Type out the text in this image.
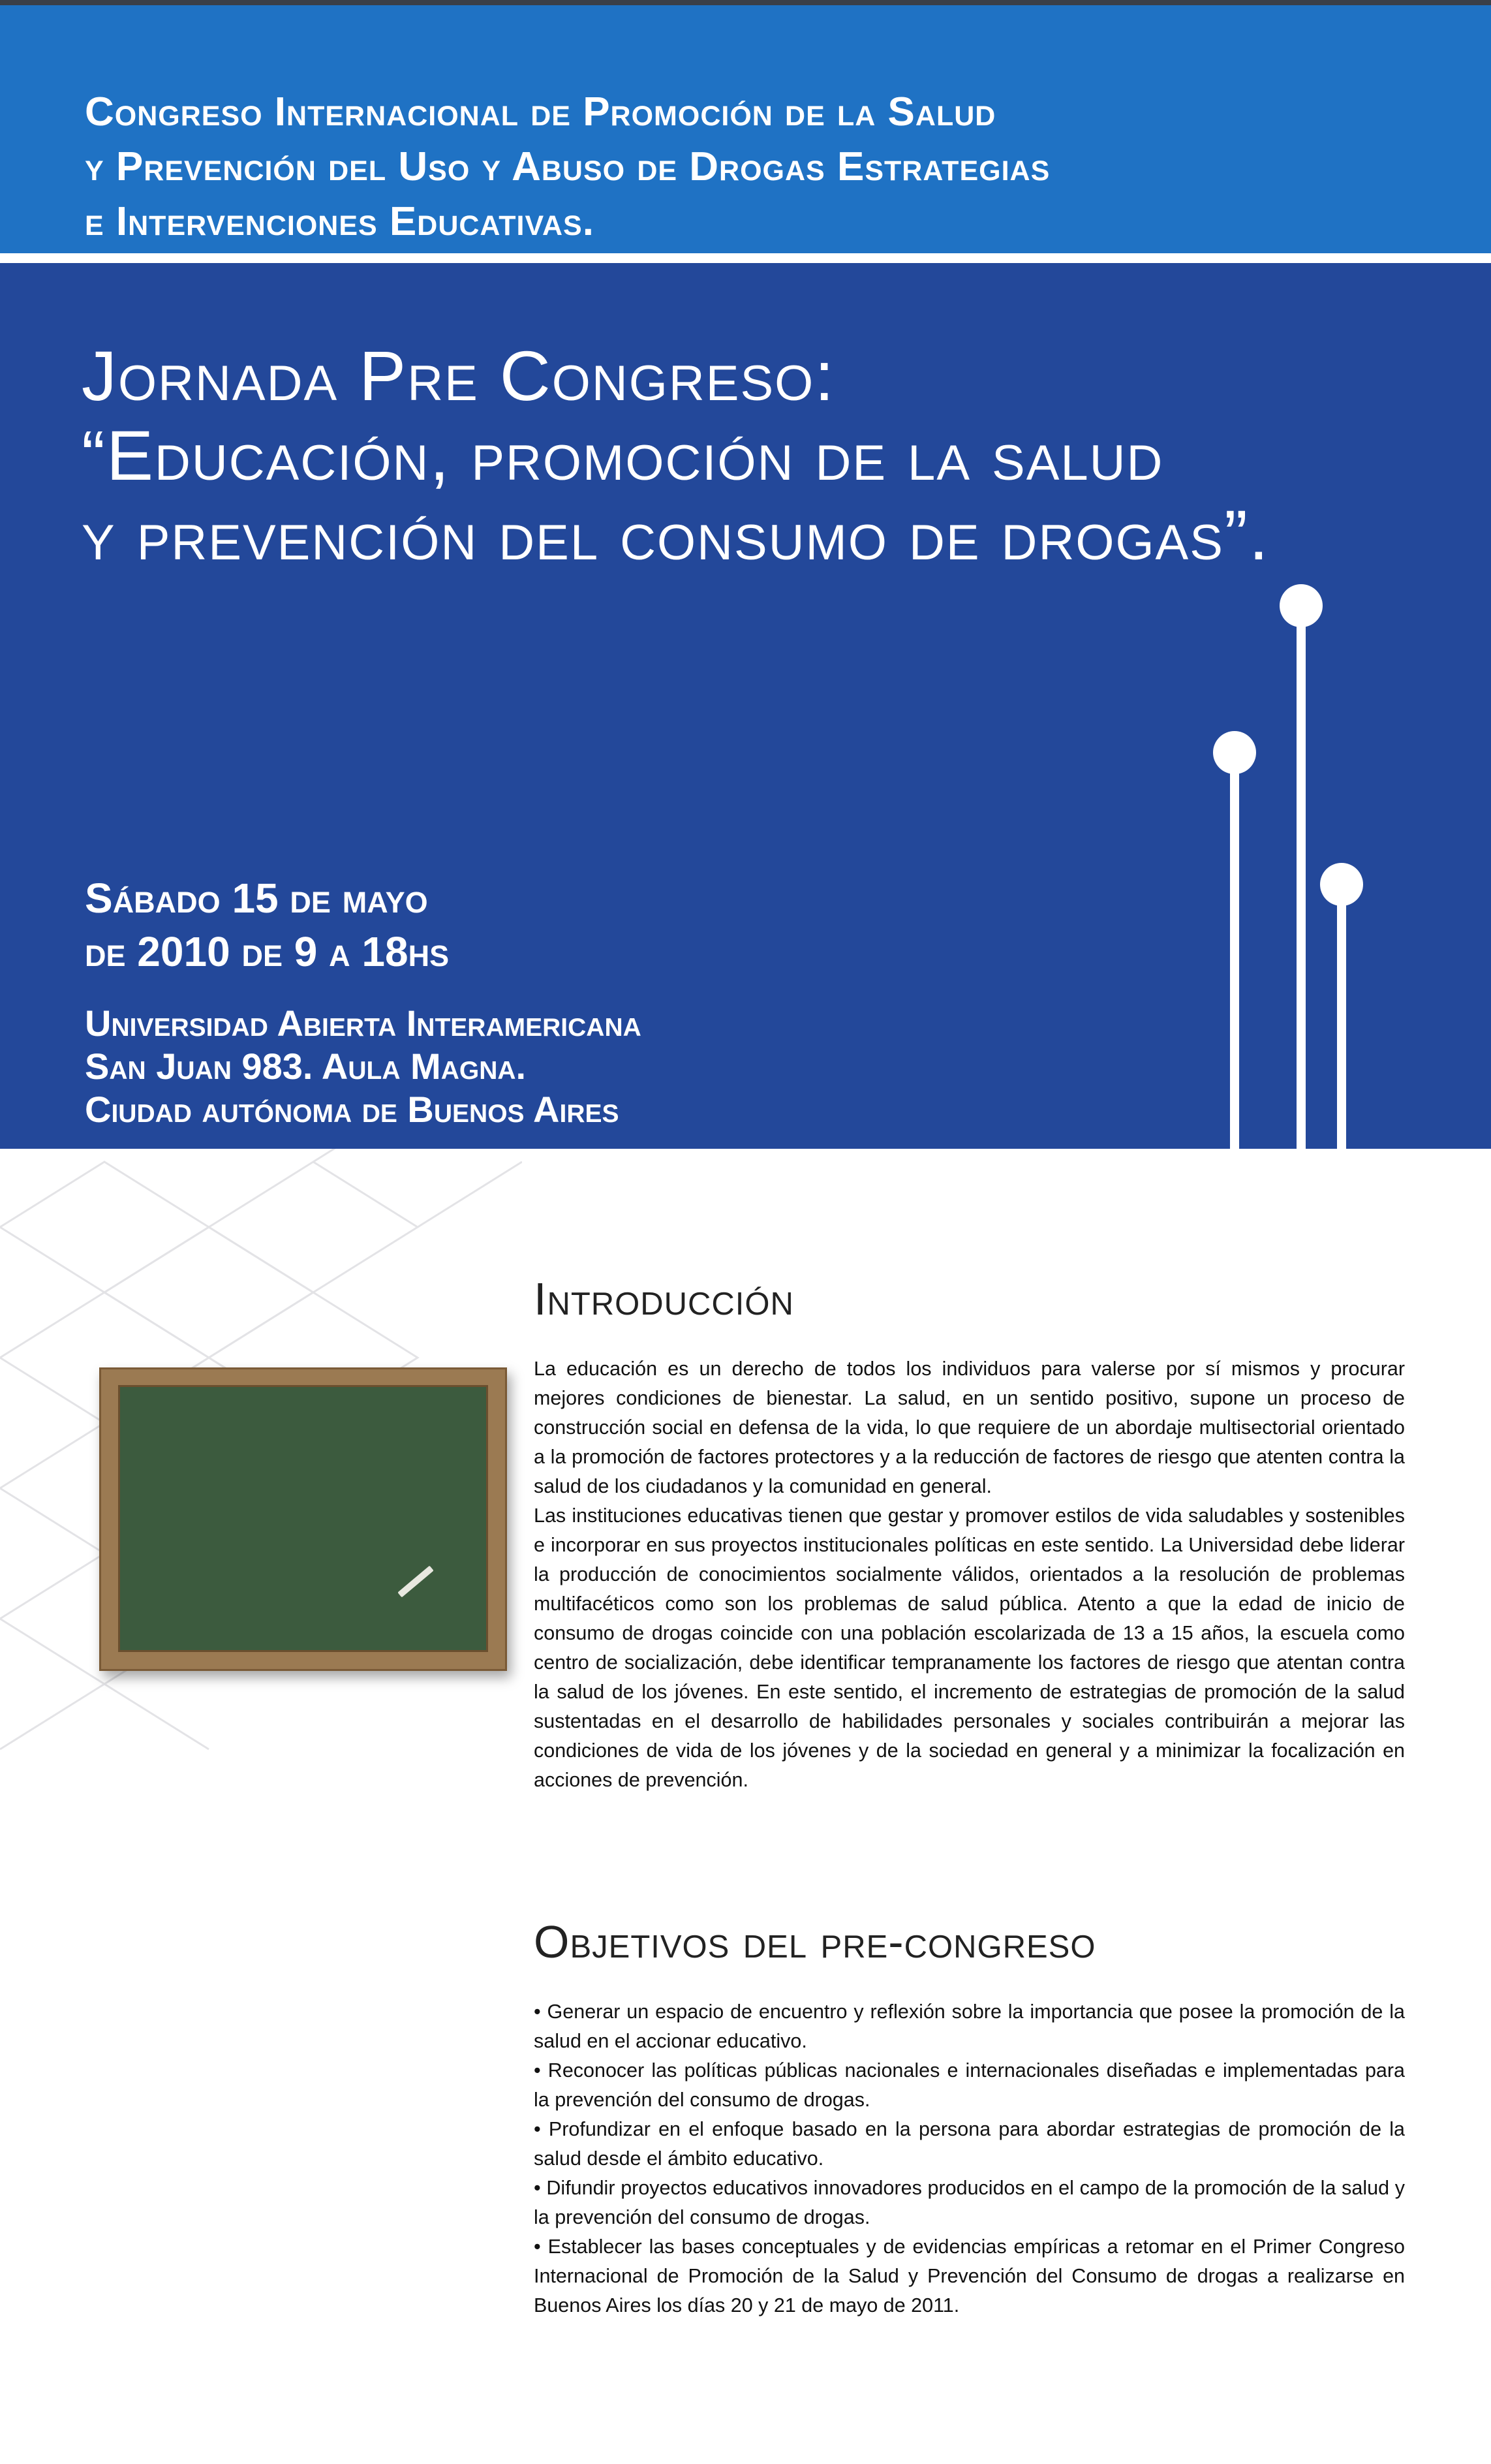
Congreso Internacional de Promoción de la Salud
y Prevención del Uso y Abuso de Drogas Estrategias
e Intervenciones Educativas.
Jornada Pre Congreso:
“Educación, promoción de la salud
y prevención del consumo de drogas”.
Sábado 15 de mayo
de 2010 de 9 a 18hs
Universidad Abierta Interamericana
San Juan 983. Aula Magna.
Ciudad autónoma de Buenos Aires
Introducción

La educación es un derecho de todos los individuos para valerse por sí mismos y procurar mejores condiciones de bienestar. La salud, en un sentido positivo, supone un proceso de construcción social en defensa de la vida, lo que requiere de un abordaje multisectorial orientado a la promoción de factores protectores y a la reducción de factores de riesgo que atenten contra la salud de los ciudadanos y la comunidad en general.

Las instituciones educativas tienen que gestar y promover estilos de vida saludables y sostenibles e incorporar en sus proyectos institucionales políticas en este sentido. La Universidad debe liderar la producción de conocimientos socialmente válidos, orientados a la resolución de problemas multifacéticos como son los problemas de salud pública. Atento a que la edad de inicio de consumo de drogas coincide con una población escolarizada de 13 a 15 años, la escuela como centro de socialización, debe identificar tempranamente los factores de riesgo que atentan contra la salud de los jóvenes. En este sentido, el incremento de estrategias de promoción de la salud sustentadas en el desarrollo de habilidades personales y sociales contribuirán a mejorar las condiciones de vida de los jóvenes y de la sociedad en general y a minimizar la focalización en acciones de prevención.

Objetivos del pre-congreso
• Generar un espacio de encuentro y reflexión sobre la importancia que posee la promoción de la salud en el accionar educativo.
• Reconocer las políticas públicas nacionales e internacionales diseñadas e implementadas para la prevención del consumo de drogas.
• Profundizar en el enfoque basado en la persona para abordar estrategias de promoción de la salud desde el ámbito educativo.
• Difundir proyectos educativos innovadores producidos en el campo de la promoción de la salud y la prevención del consumo de drogas.
• Establecer las bases conceptuales y de evidencias empíricas a retomar en el Primer Congreso Internacional de Promoción de la Salud y Prevención del Consumo de drogas a realizarse en Buenos Aires los días 20 y 21 de mayo de 2011.
